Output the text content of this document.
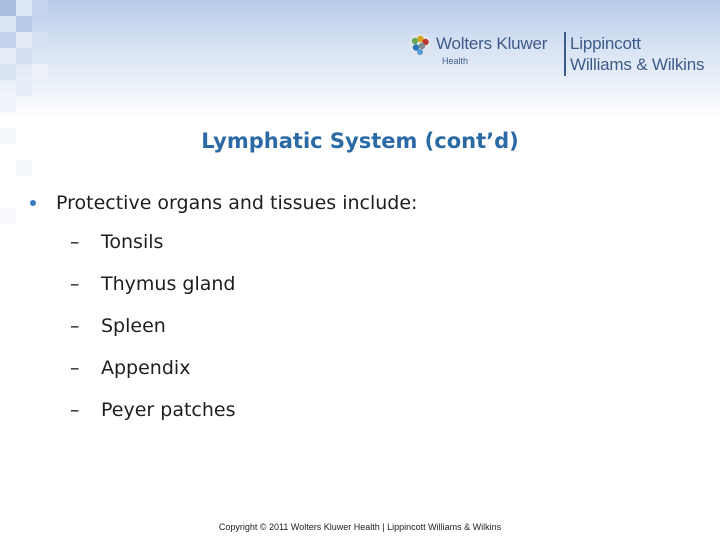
Wolters Kluwer
Health
Lippincott
Williams & Wilkins
Lymphatic System (cont’d)
Protective organs and tissues include:
– Tonsils
– Thymus gland
– Spleen
– Appendix
– Peyer patches
Copyright © 2011 Wolters Kluwer Health | Lippincott Williams & Wilkins
